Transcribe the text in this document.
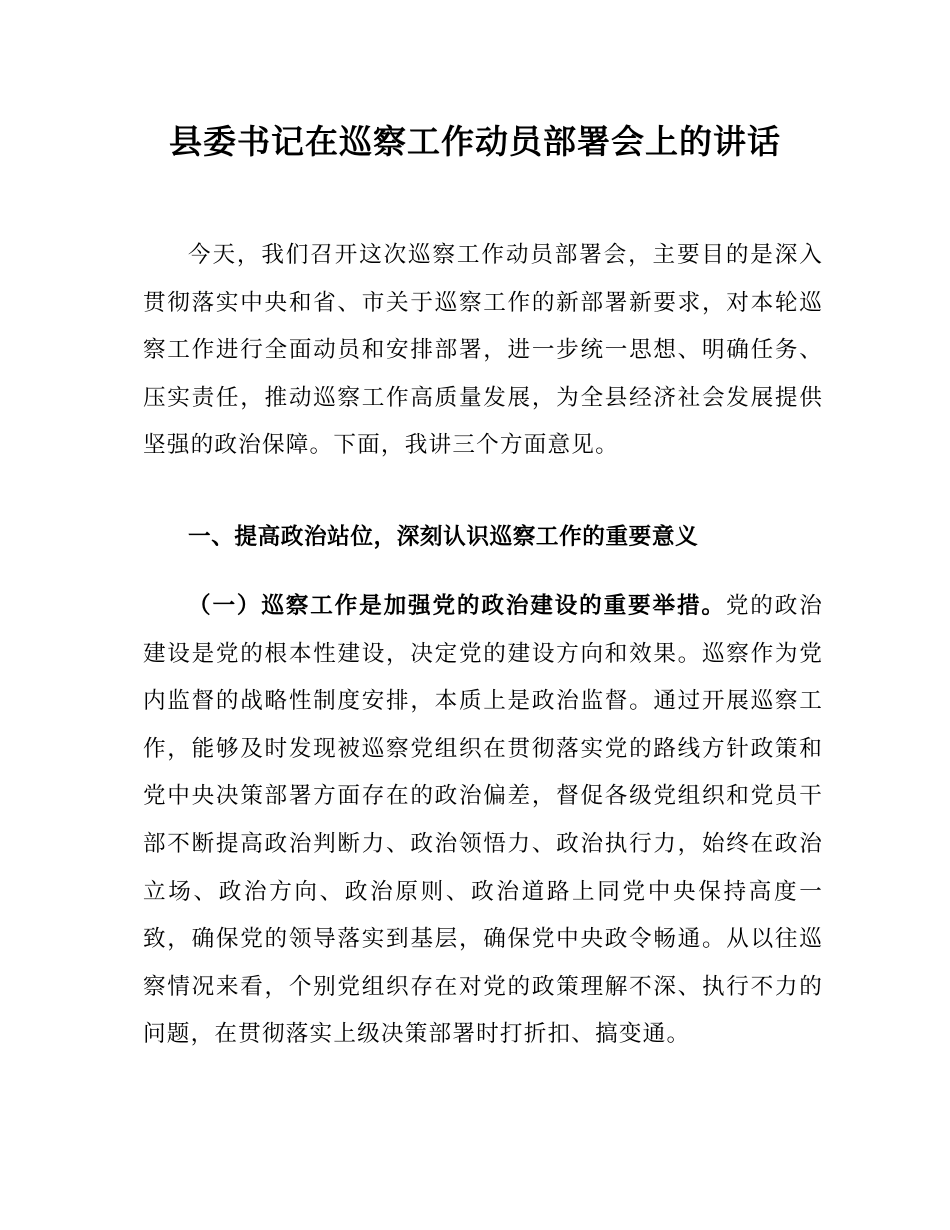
县委书记在巡察工作动员部署会上的讲话

今天，我们召开这次巡察工作动员部署会，主要目的是深入贯彻落实中央和省、市关于巡察工作的新部署新要求，对本轮巡察工作进行全面动员和安排部署，进一步统一思想、明确任务、压实责任，推动巡察工作高质量发展，为全县经济社会发展提供坚强的政治保障。下面，我讲三个方面意见。

一、提高政治站位，深刻认识巡察工作的重要意义

（一）巡察工作是加强党的政治建设的重要举措。党的政治建设是党的根本性建设，决定党的建设方向和效果。巡察作为党内监督的战略性制度安排，本质上是政治监督。通过开展巡察工作，能够及时发现被巡察党组织在贯彻落实党的路线方针政策和党中央决策部署方面存在的政治偏差，督促各级党组织和党员干部不断提高政治判断力、政治领悟力、政治执行力，始终在政治立场、政治方向、政治原则、政治道路上同党中央保持高度一致，确保党的领导落实到基层，确保党中央政令畅通。从以往巡察情况来看，个别党组织存在对党的政策理解不深、执行不力的问题，在贯彻落实上级决策部署时打折扣、搞变通。
